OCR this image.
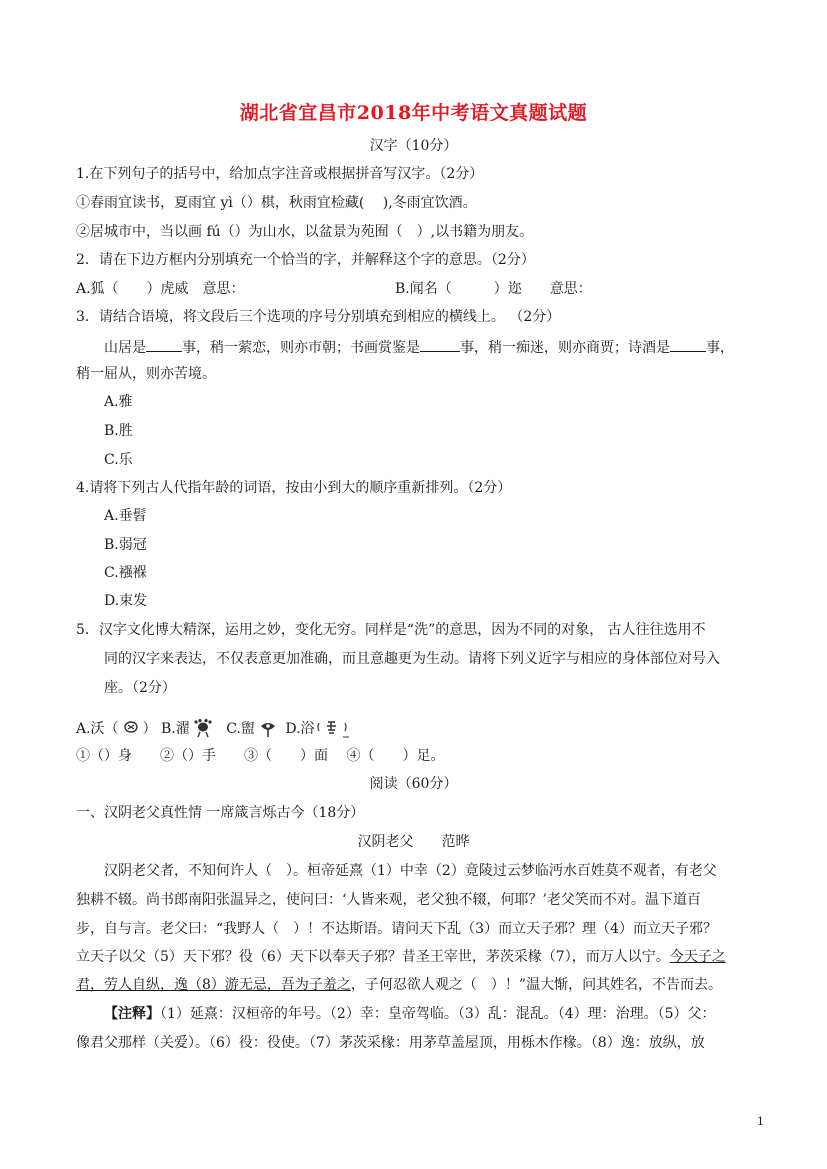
湖北省宜昌市2018年中考语文真题试题
汉字（10分）
1.在下列句子的括号中，给加点字注音或根据拼音写汉字。（2分）
①春雨宜读书，夏雨宜 yì（）棋，秋雨宜检藏(　 ),冬雨宜饮酒。
②居城市中，当以画 fú（）为山水，以盆景为苑囿（　）,以书籍为朋友。
2．请在下边方框内分别填充一个恰当的字，并解释这个字的意思。（2分）
A.狐（　　）虎威　意思：	B.闻名（　　　）迩　　意思：
3．请结合语境，将文段后三个选项的序号分别填充到相应的横线上。 （2分）
山居是	事，稍一萦恋，则亦市朝；书画赏鉴是	事，稍一痴迷，则亦商贾；诗酒是	事，
稍一屈从，则亦苦境。
A.雅
B.胜
C.乐
4.请将下列古人代指年龄的词语，按由小到大的顺序重新排列。（2分）
A.垂髫
B.弱冠
C.襁褓
D.束发
5．汉字文化博大精深，运用之妙，变化无穷。同样是“洗”的意思，因为不同的对象， 古人往往选用不
同的汉字来表达，不仅表意更加准确，而且意趣更为生动。请将下列义近字与相应的身体部位对号入
座。（2分）
A.沃（ ） B.濯	C.盥 D.浴
①（）身　　②（）手　　③（　　）面　 ④（　　）足。
阅读（60分）
一、汉阴老父真性情 一席箴言烁古今（18分）
汉阴老父　　范晔
汉阴老父者，不知何许人（　）。桓帝延熹（1）中幸（2）竟陵过云梦临沔水百姓莫不观者，有老父
独耕不辍。尚书郎南阳张温异之，使问曰：‘人皆来观，老父独不辍，何耶？’老父笑而不对。温下道百
步，自与言。老父曰：“我野人（　）！不达斯语。请问天下乱（3）而立天子邪？理（4）而立天子邪？
立天子以父（5）天下邪？役（6）天下以奉天子邪？昔圣王宰世，茅茨采椽（7），而万人以宁。今天子之
君，劳人自纵，逸（8）游无忌，吾为子羞之，子何忍欲人观之（　）！”温大惭，问其姓名，不告而去。
【注释】（1）延熹：汉桓帝的年号。（2）幸：皇帝驾临。（3）乱：混乱。（4）理：治理。（5）父：
像君父那样（关爱）。（6）役：役使。（7）茅茨采椽：用茅草盖屋顶，用栎木作椽。（8）逸：放纵，放
1
